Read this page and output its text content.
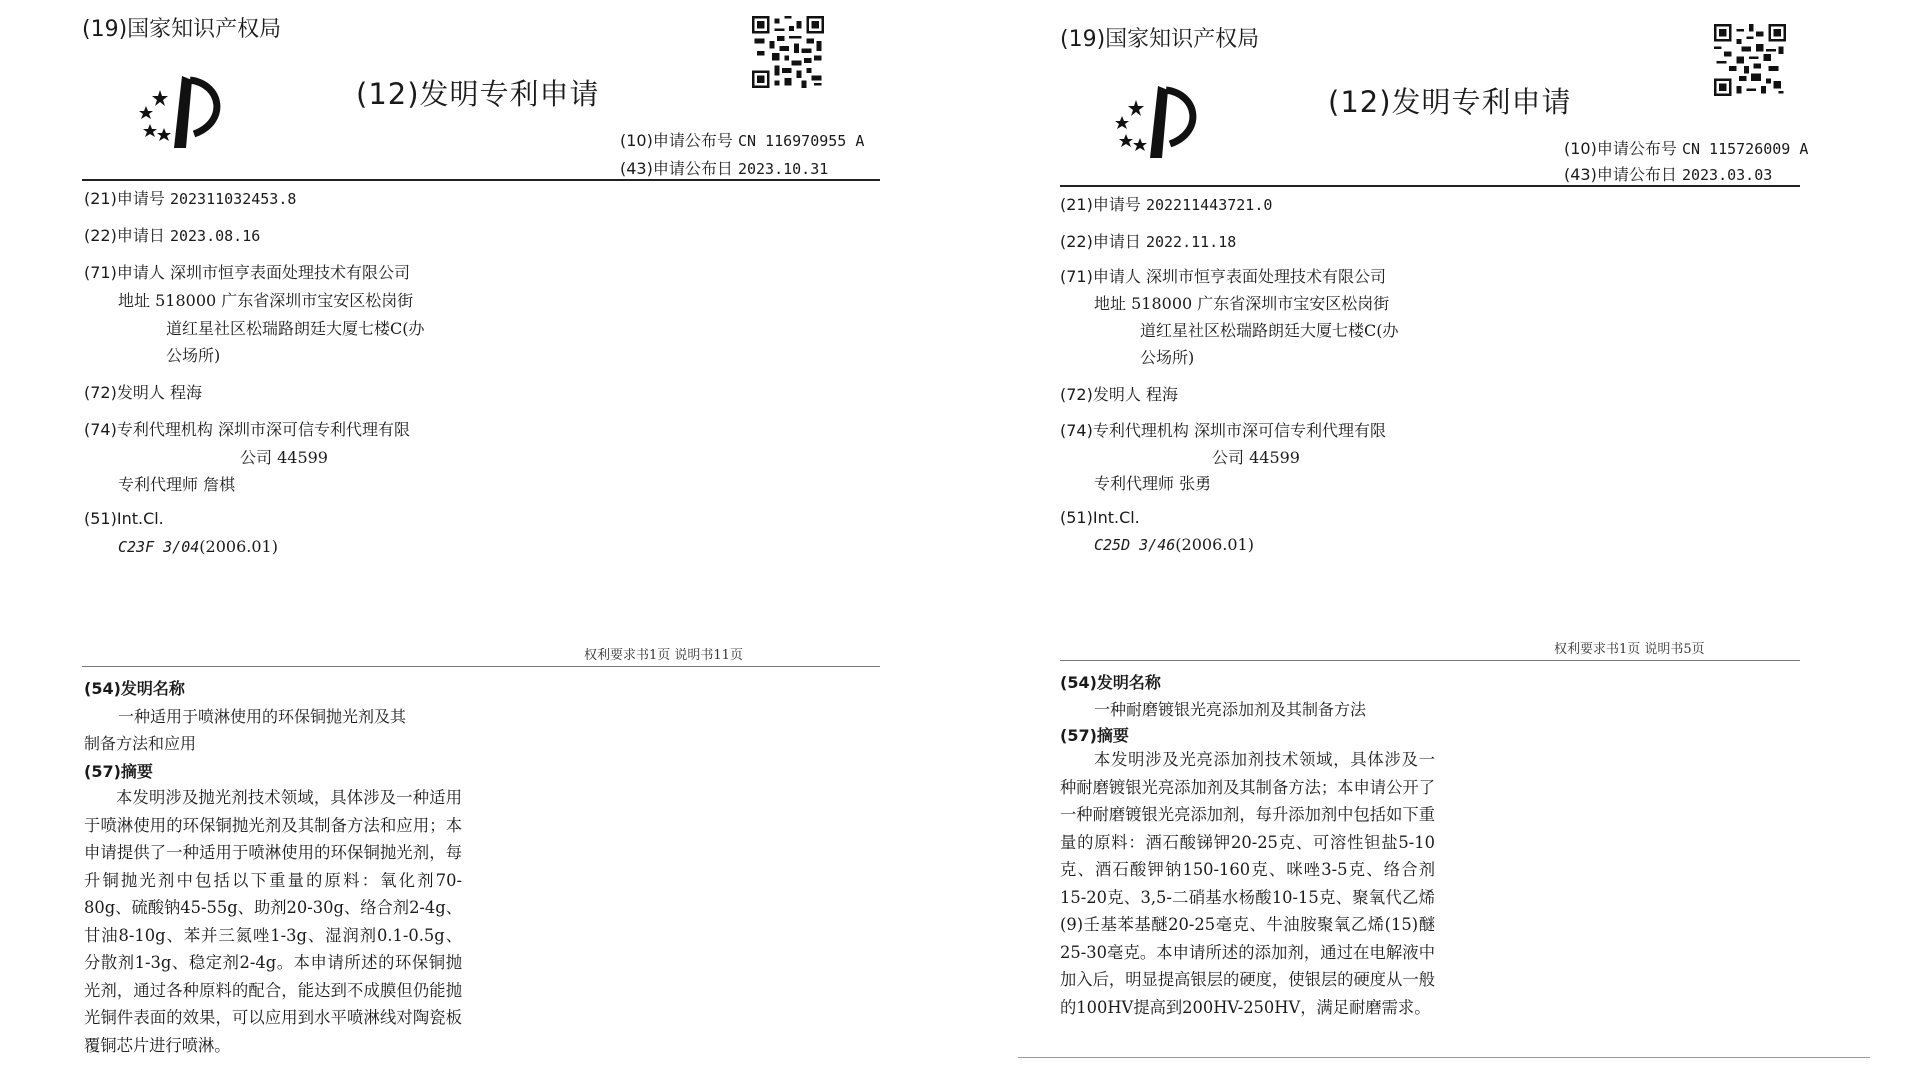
(19)国家知识产权局
(12)发明专利申请
(10)申请公布号 CN 116970955 A
(43)申请公布日 2023.10.31
(21)申请号 202311032453.8
(22)申请日 2023.08.16
(71)申请人 深圳市恒亨表面处理技术有限公司
地址 518000 广东省深圳市宝安区松岗街
道红星社区松瑞路朗廷大厦七楼C(办
公场所)
(72)发明人 程海
(74)专利代理机构 深圳市深可信专利代理有限
公司 44599
专利代理师 詹棋
(51)Int.Cl.
C23F 3/04(2006.01)
权利要求书1页 说明书11页
(54)发明名称
一种适用于喷淋使用的环保铜抛光剂及其
制备方法和应用
(57)摘要
本发明涉及抛光剂技术领域，具体涉及一种适用于喷淋使用的环保铜抛光剂及其制备方法和应用；本申请提供了一种适用于喷淋使用的环保铜抛光剂，每升铜抛光剂中包括以下重量的原料：氧化剂70-80g、硫酸钠45-55g、助剂20-30g、络合剂2-4g、甘油8-10g、苯并三氮唑1-3g、湿润剂0.1-0.5g、分散剂1-3g、稳定剂2-4g。本申请所述的环保铜抛光剂，通过各种原料的配合，能达到不成膜但仍能抛光铜件表面的效果，可以应用到水平喷淋线对陶瓷板覆铜芯片进行喷淋。
(19)国家知识产权局
(12)发明专利申请
(10)申请公布号 CN 115726009 A
(43)申请公布日 2023.03.03
(21)申请号 202211443721.0
(22)申请日 2022.11.18
(71)申请人 深圳市恒亨表面处理技术有限公司
地址 518000 广东省深圳市宝安区松岗街
道红星社区松瑞路朗廷大厦七楼C(办
公场所)
(72)发明人 程海
(74)专利代理机构 深圳市深可信专利代理有限
公司 44599
专利代理师 张勇
(51)Int.Cl.
C25D 3/46(2006.01)
权利要求书1页 说明书5页
(54)发明名称
一种耐磨镀银光亮添加剂及其制备方法
(57)摘要
本发明涉及光亮添加剂技术领域，具体涉及一种耐磨镀银光亮添加剂及其制备方法；本申请公开了一种耐磨镀银光亮添加剂，每升添加剂中包括如下重量的原料：酒石酸锑钾20-25克、可溶性钽盐5-10克、酒石酸钾钠150-160克、咪唑3-5克、络合剂15-20克、3,5-二硝基水杨酸10-15克、聚氧代乙烯(9)壬基苯基醚20-25毫克、牛油胺聚氧乙烯(15)醚25-30毫克。本申请所述的添加剂，通过在电解液中加入后，明显提高银层的硬度，使银层的硬度从一般的100HV提高到200HV-250HV，满足耐磨需求。
